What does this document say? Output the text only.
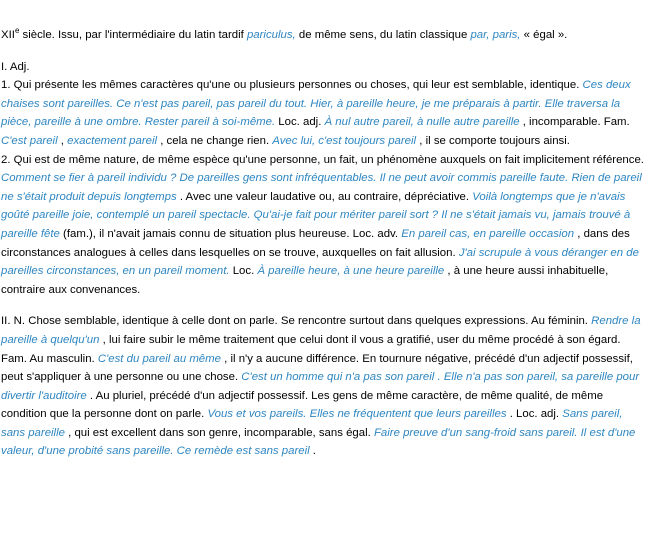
XIIe siècle. Issu, par l'intermédiaire du latin tardif pariculus, de même sens, du latin classique par, paris, « égal ».

I. Adj.

1. Qui présente les mêmes caractères qu'une ou plusieurs personnes ou choses, qui leur est semblable, identique. Ces deux chaises sont pareilles. Ce n'est pas pareil, pas pareil du tout. Hier, à pareille heure, je me préparais à partir. Elle traversa la pièce, pareille à une ombre. Rester pareil à soi-même. Loc. adj. À nul autre pareil, à nulle autre pareille , incomparable. Fam. C'est pareil , exactement pareil , cela ne change rien. Avec lui, c'est toujours pareil , il se comporte toujours ainsi.

2. Qui est de même nature, de même espèce qu'une personne, un fait, un phénomène auxquels on fait implicitement référence. Comment se fier à pareil individu ? De pareilles gens sont infréquentables. Il ne peut avoir commis pareille faute. Rien de pareil ne s'était produit depuis longtemps . Avec une valeur laudative ou, au contraire, dépréciative. Voilà longtemps que je n'avais goûté pareille joie, contemplé un pareil spectacle. Qu'ai-je fait pour mériter pareil sort ? Il ne s'était jamais vu, jamais trouvé à pareille fête (fam.), il n'avait jamais connu de situation plus heureuse. Loc. adv. En pareil cas, en pareille occasion , dans des circonstances analogues à celles dans lesquelles on se trouve, auxquelles on fait allusion. J'ai scrupule à vous déranger en de pareilles circonstances, en un pareil moment. Loc. À pareille heure, à une heure pareille , à une heure aussi inhabituelle, contraire aux convenances.

II. N. Chose semblable, identique à celle dont on parle. Se rencontre surtout dans quelques expressions. Au féminin. Rendre la pareille à quelqu'un , lui faire subir le même traitement que celui dont il vous a gratifié, user du même procédé à son égard. Fam. Au masculin. C'est du pareil au même , il n'y a aucune différence. En tournure négative, précédé d'un adjectif possessif, peut s'appliquer à une personne ou une chose. C'est un homme qui n'a pas son pareil . Elle n'a pas son pareil, sa pareille pour divertir l'auditoire . Au pluriel, précédé d'un adjectif possessif. Les gens de même caractère, de même qualité, de même condition que la personne dont on parle. Vous et vos pareils. Elles ne fréquentent que leurs pareilles . Loc. adj. Sans pareil, sans pareille , qui est excellent dans son genre, incomparable, sans égal. Faire preuve d'un sang-froid sans pareil. Il est d'une valeur, d'une probité sans pareille. Ce remède est sans pareil .
